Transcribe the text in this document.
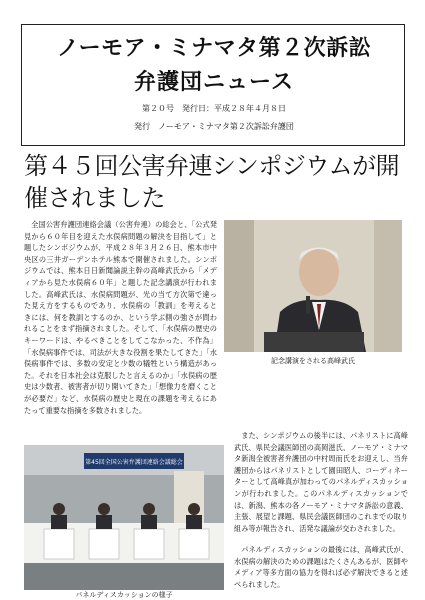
ノーモア・ミナマタ第２次訴訟
弁護団ニュース
第２０号　発行日：平成２８年４月８日
発行　ノーモア・ミナマタ第２次訴訟弁護団
第４５回公害弁連シンポジウムが開催されました
記念講演をされる高峰武氏
全国公害弁護団連絡会議（公害弁連）の総会と、「公式発見から６０年目を迎えた水俣病問題の解決を目指して」と題したシンポジウムが、平成２８年３月２６日、熊本市中央区の三井ガーデンホテル熊本で開催されました。シンポジウムでは、熊本日日新聞論説主幹の高峰武氏から「メディアから見た水俣病６０年」と題した記念講演が行われました。高峰武氏は、水俣病問題が、光の当て方次第で違った見え方をするものであり、水俣病の「教訓」を考えるときには、何を教訓とするのか、という学ぶ側の強さが問われることをまず指摘されました。そして、「水俣病の歴史のキーワードは、やるべきことをしてこなかった、不作為」「水俣病事件では、司法が大きな役割を果たしてきた」「水俣病事件では、多数の安定と少数の犠牲という構造があった。それを日本社会は克服したと言えるのか」「水俣病の歴史は少数者、被害者が切り開いてきた」「想像力を磨くことが必要だ」など、水俣病の歴史と現在の課題を考えるにあたって重要な指摘を多数されました。
第45回全国公害弁護団連絡会議総会
パネルディスカッションの様子
また、シンポジウムの後半には、パネリストに高峰武氏、県民会議医師団の高岡滋氏、ノーモア・ミナマタ新潟全被害者弁護団の中村周而氏をお迎えし、当弁護団からはパネリストとして園田昭人、コーディネーターとして高峰真が加わってのパネルディスカッションが行われました。このパネルディスカッションでは、新潟、熊本の各ノーモア・ミナマタ訴訟の意義、主張、展望と課題、県民会議医師団のこれまでの取り組み等が報告され、活発な議論が交わされました。
パネルディスカッションの最後には、高峰武氏が、水俣病の解決のための課題はたくさんあるが、医師やメディア等多方面の協力を得れば必ず解決できると述べられました。
